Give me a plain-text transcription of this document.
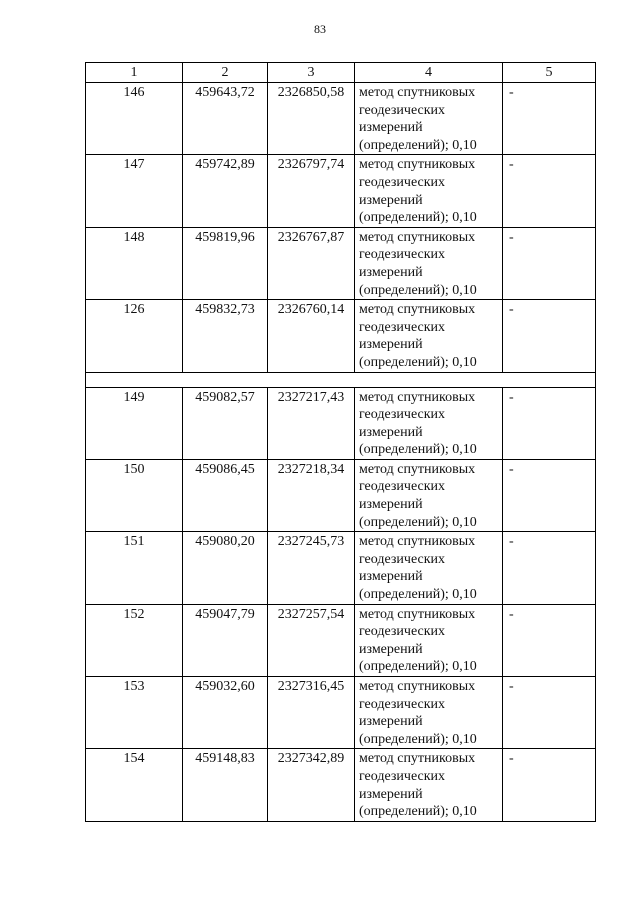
83
1	2	3	4	5
146	459643,72	2326850,58	метод спутниковых геодезических измерений (определений); 0,10	-
147	459742,89	2326797,74	метод спутниковых геодезических измерений (определений); 0,10	-
148	459819,96	2326767,87	метод спутниковых геодезических измерений (определений); 0,10	-
126	459832,73	2326760,14	метод спутниковых геодезических измерений (определений); 0,10	-

149	459082,57	2327217,43	метод спутниковых геодезических измерений (определений); 0,10	-
150	459086,45	2327218,34	метод спутниковых геодезических измерений (определений); 0,10	-
151	459080,20	2327245,73	метод спутниковых геодезических измерений (определений); 0,10	-
152	459047,79	2327257,54	метод спутниковых геодезических измерений (определений); 0,10	-
153	459032,60	2327316,45	метод спутниковых геодезических измерений (определений); 0,10	-
154	459148,83	2327342,89	метод спутниковых геодезических измерений (определений); 0,10	-
